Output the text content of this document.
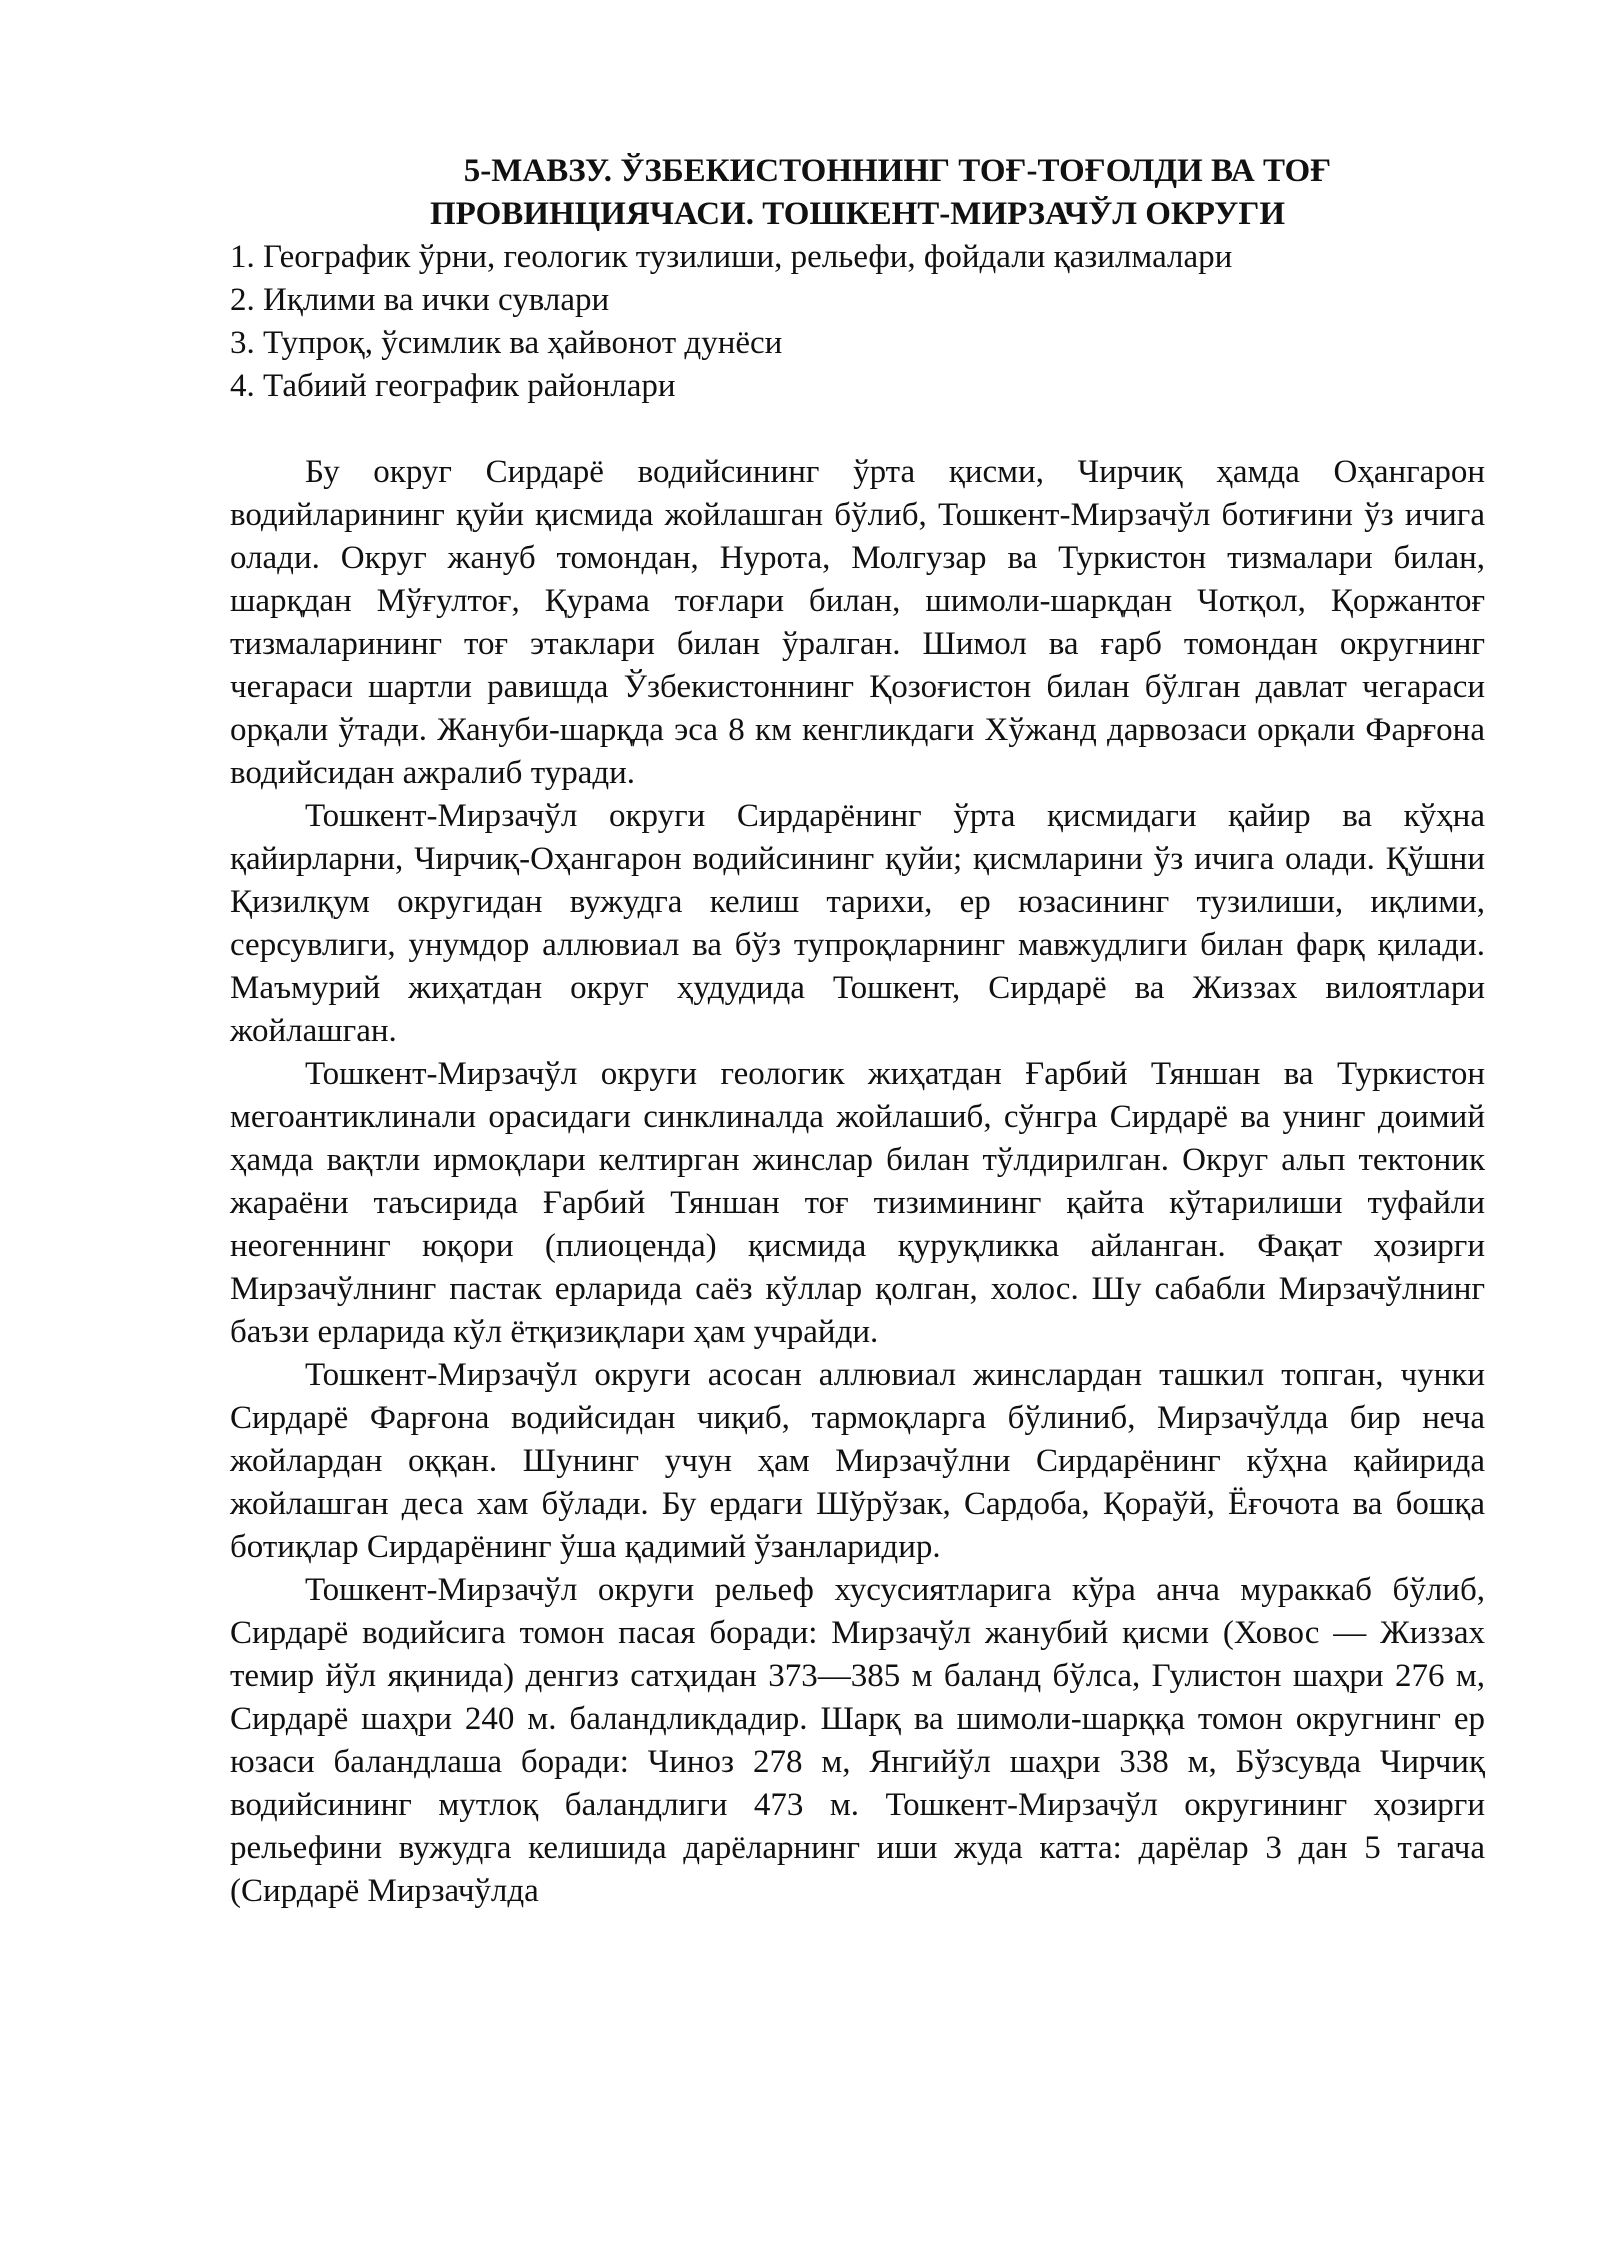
5-МАВЗУ. ЎЗБЕКИСТОННИНГ ТОҒ-ТОҒОЛДИ ВА ТОҒ
ПРОВИНЦИЯЧАСИ. ТОШКЕНТ-МИРЗАЧЎЛ ОКРУГИ
1. Географик ўрни, геологик тузилиши, рельефи, фойдали қазилмалари
2. Иқлими ва ички сувлари
3. Тупроқ, ўсимлик ва ҳайвонот дунёси
4. Табиий географик районлари

Бу округ Сирдарё водийсининг ўрта қисми, Чирчиқ ҳамда Оҳангарон водийларининг қуйи қисмида жойлашган бўлиб, Тошкент-Мирзачўл ботиғини ўз ичига олади. Округ жануб томондан, Нурота, Молгузар ва Туркистон тизмалари билан, шарқдан Мўғултоғ, Қурама тоғлари билан, шимоли-шарқдан Чотқол, Қоржантоғ тизмаларининг тоғ этаклари билан ўралган. Шимол ва ғарб томондан округнинг чегараси шартли равишда Ўзбекистоннинг Қозоғистон билан бўлган давлат чегараси орқали ўтади. Жануби-шарқда эса 8 км кенгликдаги Хўжанд дарвозаси орқали Фарғона водийсидан ажралиб туради.

Тошкент-Мирзачўл округи Сирдарёнинг ўрта қисмидаги қайир ва кўҳна қайирларни, Чирчиқ-Оҳангарон водийсининг қуйи; қисмларини ўз ичига олади. Қўшни Қизилқум округидан вужудга келиш тарихи, ер юзасининг тузилиши, иқлими, серсувлиги, унумдор аллювиал ва бўз тупроқларнинг мавжудлиги билан фарқ қилади. Маъмурий жиҳатдан округ ҳудудида Тошкент, Сирдарё ва Жиззах вилоятлари жойлашган.

Тошкент-Мирзачўл округи геологик жиҳатдан Ғарбий Тяншан ва Туркистон мегоантиклинали орасидаги синклиналда жойлашиб, сўнгра Сирдарё ва унинг доимий ҳамда вақтли ирмоқлари келтирган жинслар билан тўлдирилган. Округ альп тектоник жараёни таъсирида Ғарбий Тяншан тоғ тизимининг қайта кўтарилиши туфайли неогеннинг юқори (плиоценда) қисмида қуруқликка айланган. Фақат ҳозирги Мирзачўлнинг пастак ерларида саёз кўллар қолган, холос. Шу сабабли Мирзачўлнинг баъзи ерларида кўл ётқизиқлари ҳам учрайди.

Тошкент-Мирзачўл округи асосан аллювиал жинслардан ташкил топган, чунки Сирдарё Фарғона водийсидан чиқиб, тармоқларга бўлиниб, Мирзачўлда бир неча жойлардан оққан. Шунинг учун ҳам Мирзачўлни Сирдарёнинг кўҳна қайирида жойлашган деса хам бўлади. Бу ердаги Шўрўзак, Сардоба, Қораўй, Ёғочота ва бошқа ботиқлар Сирдарёнинг ўша қадимий ўзанларидир.

Тошкент-Мирзачўл округи рельеф хусусиятларига кўра анча мураккаб бўлиб, Сирдарё водийсига томон пасая боради: Мирзачўл жанубий қисми (Ховос — Жиззах темир йўл яқинида) денгиз сатҳидан 373—385 м баланд бўлса, Гулистон шаҳри 276 м, Сирдарё шаҳри 240 м. баландликдадир. Шарқ ва шимоли-шарққа томон округнинг ер юзаси баландлаша боради: Чиноз 278 м, Янгийўл шаҳри 338 м, Бўзсувда Чирчиқ водийсининг мутлоқ баландлиги 473 м. Тошкент-Мирзачўл округининг ҳозирги рельефини вужудга келишида дарёларнинг иши жуда катта: дарёлар 3 дан 5 тагача (Сирдарё Мирзачўлда
